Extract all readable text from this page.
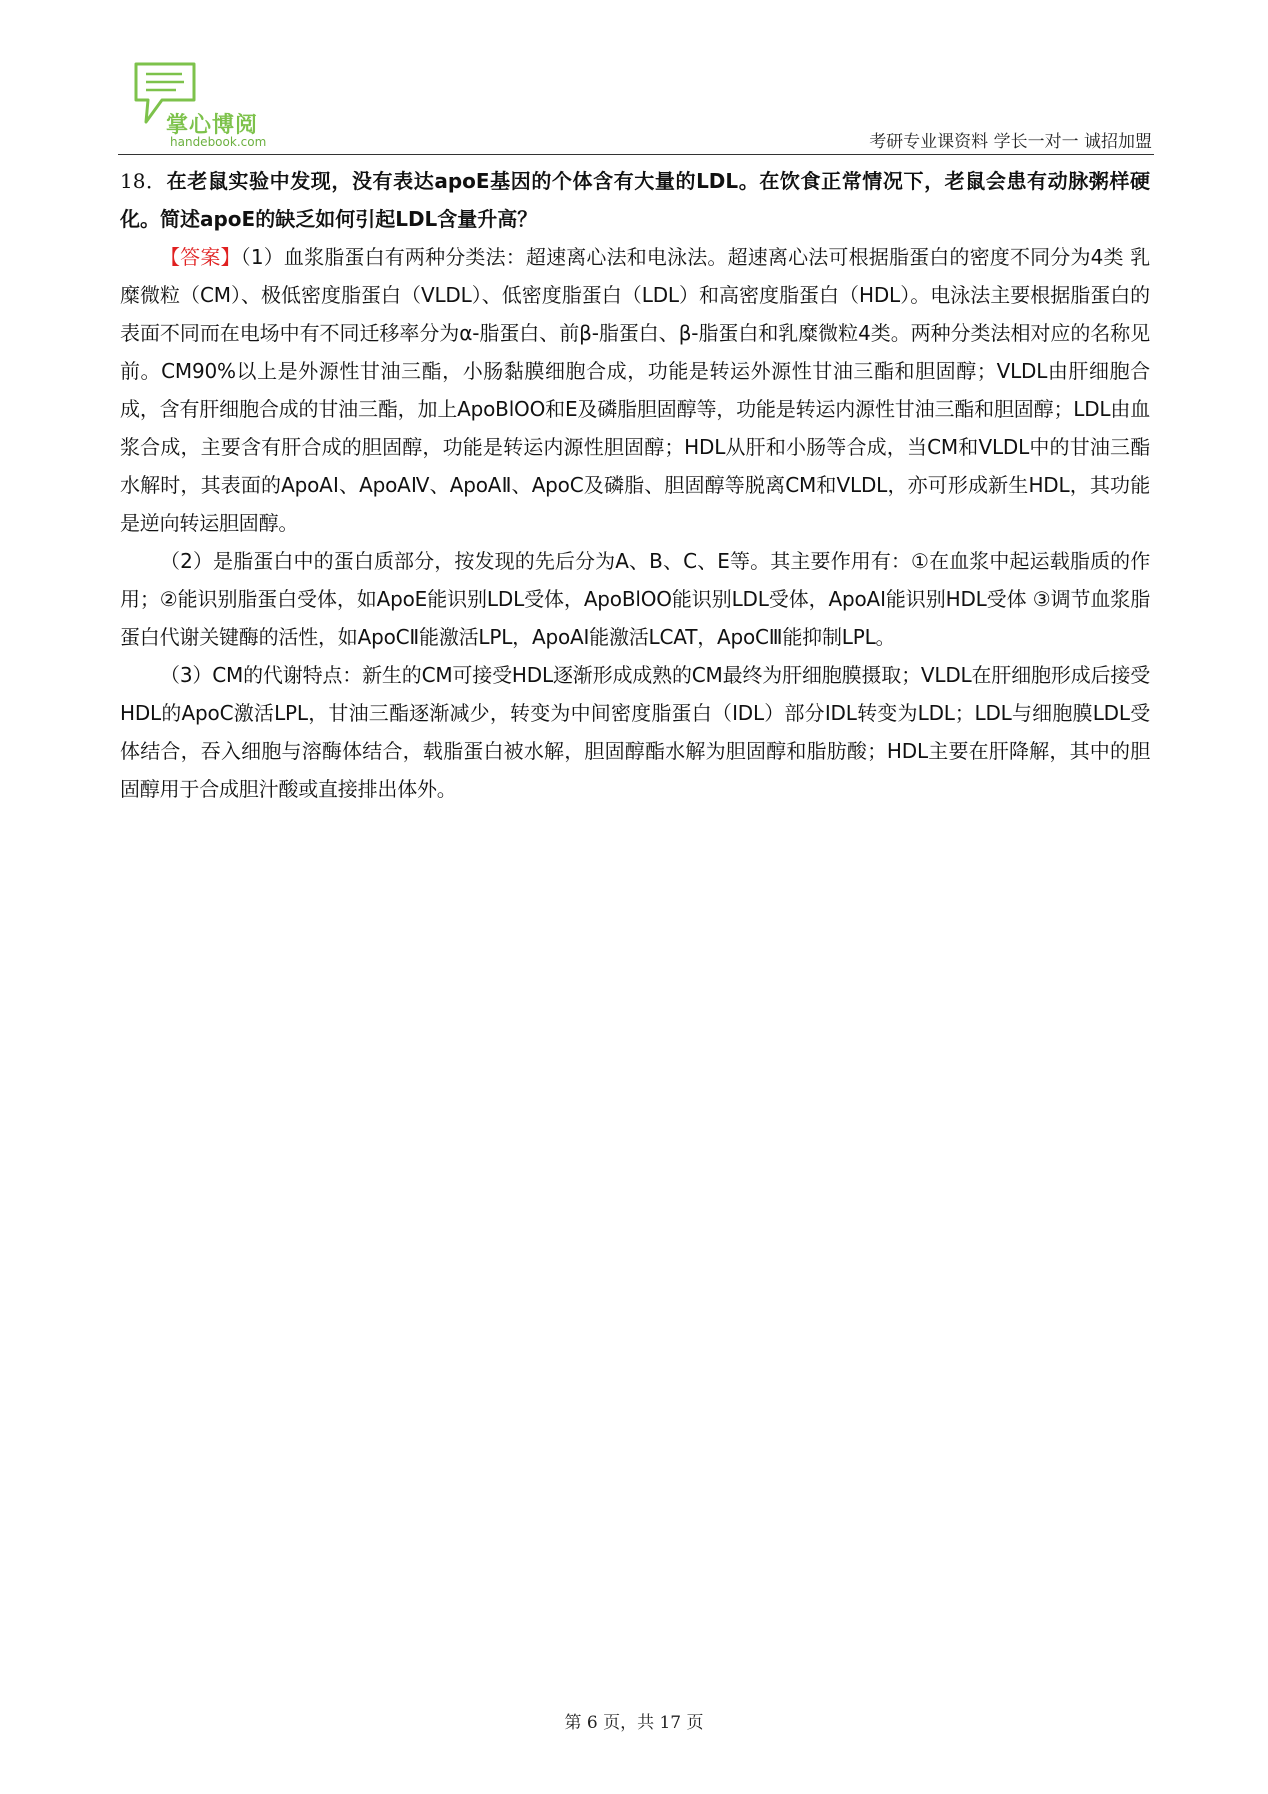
掌心博阅
handebook.com	考研专业课资料 学长一对一 诚招加盟

18．在老鼠实验中发现，没有表达apoE基因的个体含有大量的LDL。在饮食正常情况下，老鼠会患有动脉粥样硬化。简述apoE的缺乏如何引起LDL含量升高？

【答案】（1）血浆脂蛋白有两种分类法：超速离心法和电泳法。超速离心法可根据脂蛋白的密度不同分为4类 乳糜微粒（CM）、极低密度脂蛋白（VLDL）、低密度脂蛋白（LDL）和高密度脂蛋白（HDL）。电泳法主要根据脂蛋白的表面不同而在电场中有不同迁移率分为α-脂蛋白、前β-脂蛋白、β-脂蛋白和乳糜微粒4类。两种分类法相对应的名称见前。CM90%以上是外源性甘油三酯，小肠黏膜细胞合成，功能是转运外源性甘油三酯和胆固醇；VLDL由肝细胞合成，含有肝细胞合成的甘油三酯，加上ApoBlOO和E及磷脂胆固醇等，功能是转运内源性甘油三酯和胆固醇；LDL由血浆合成，主要含有肝合成的胆固醇，功能是转运内源性胆固醇；HDL从肝和小肠等合成，当CM和VLDL中的甘油三酯水解时，其表面的ApoAⅠ、ApoAⅣ、ApoAⅡ、ApoC及磷脂、胆固醇等脱离CM和VLDL，亦可形成新生HDL，其功能是逆向转运胆固醇。

（2）是脂蛋白中的蛋白质部分，按发现的先后分为A、B、C、E等。其主要作用有：①在血浆中起运载脂质的作用；②能识别脂蛋白受体，如ApoE能识别LDL受体，ApoBlOO能识别LDL受体，ApoAⅠ能识别HDL受体 ③调节血浆脂蛋白代谢关键酶的活性，如ApoCⅡ能激活LPL，ApoAⅠ能激活LCAT，ApoCⅢ能抑制LPL。

（3）CM的代谢特点：新生的CM可接受HDL逐渐形成成熟的CM最终为肝细胞膜摄取；VLDL在肝细胞形成后接受HDL的ApoC激活LPL，甘油三酯逐渐减少，转变为中间密度脂蛋白（IDL）部分IDL转变为LDL；LDL与细胞膜LDL受体结合，吞入细胞与溶酶体结合，载脂蛋白被水解，胆固醇酯水解为胆固醇和脂肪酸；HDL主要在肝降解，其中的胆固醇用于合成胆汁酸或直接排出体外。

第 6 页，共 17 页
